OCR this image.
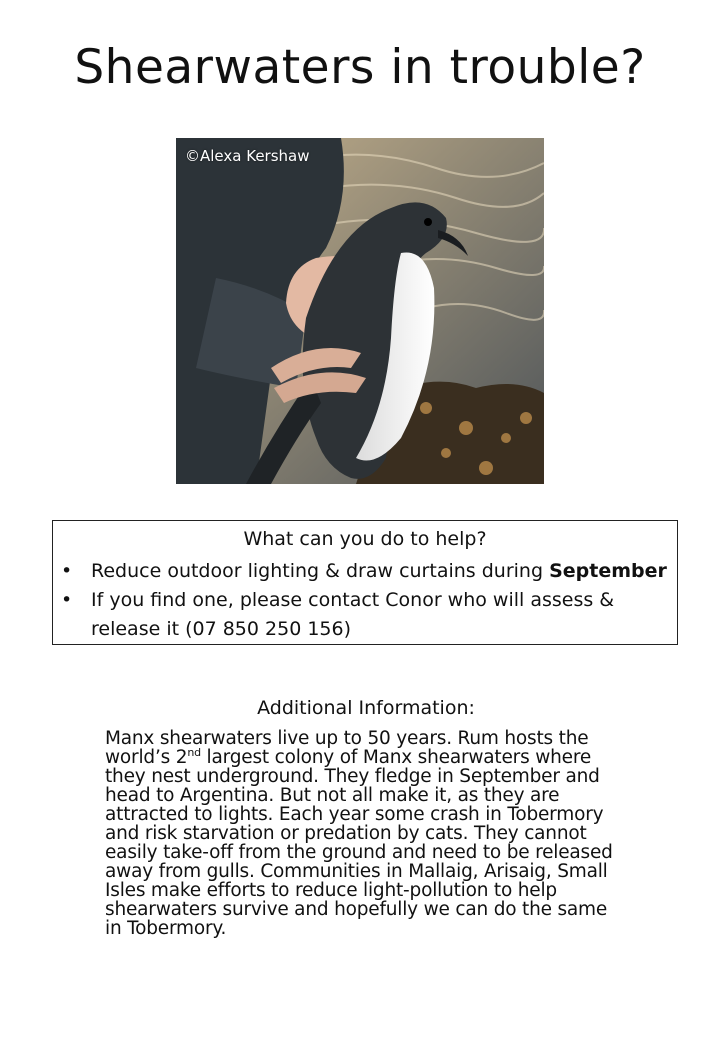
Shearwaters in trouble?
©Alexa Kershaw
What can you do to help?
• Reduce outdoor lighting & draw curtains during September
• If you find one, please contact Conor who will assess & release it (07 850 250 156)
Additional Information:
Manx shearwaters live up to 50 years. Rum hosts the world’s 2nd largest colony of Manx shearwaters where they nest underground. They fledge in September and head to Argentina. But not all make it, as they are attracted to lights. Each year some crash in Tobermory and risk starvation or predation by cats. They cannot easily take-off from the ground and need to be released away from gulls. Communities in Mallaig, Arisaig, Small Isles make efforts to reduce light-pollution to help shearwaters survive and hopefully we can do the same in Tobermory.
